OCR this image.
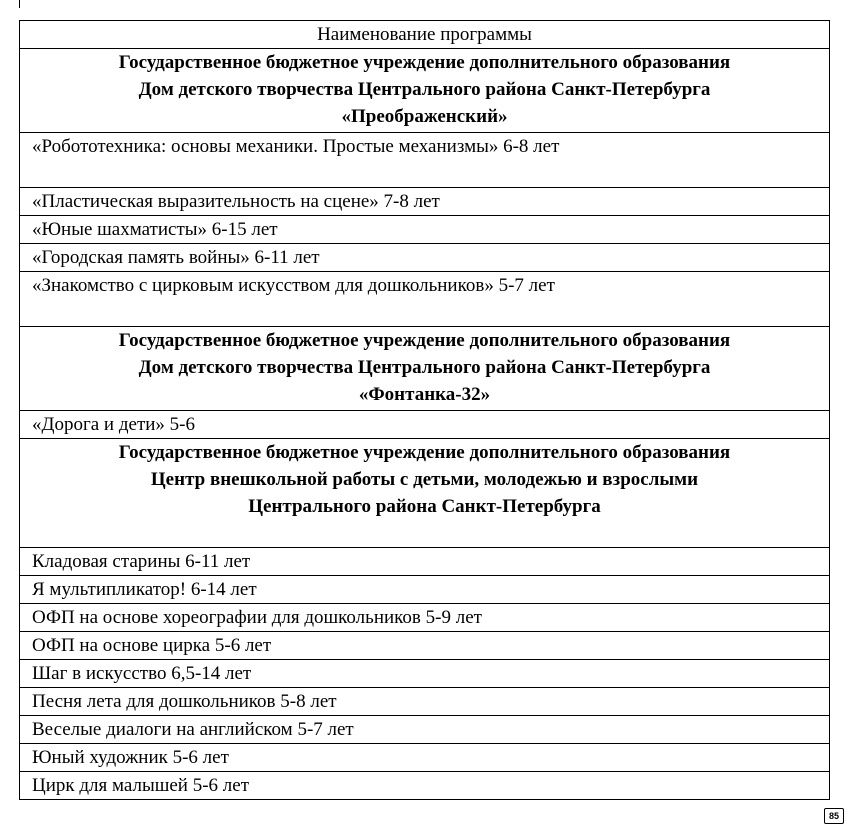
Наименование программы

Государственное бюджетное учреждение дополнительного образования
Дом детского творчества Центрального района Санкт-Петербурга
«Преображенский»

«Робототехника: основы механики. Простые механизмы» 6-8 лет
«Пластическая выразительность на сцене» 7-8 лет
«Юные шахматисты» 6-15 лет
«Городская память войны» 6-11 лет
«Знакомство с цирковым искусством для дошкольников» 5-7 лет

Государственное бюджетное учреждение дополнительного образования
Дом детского творчества Центрального района Санкт-Петербурга
«Фонтанка-32»

«Дорога и дети» 5-6

Государственное бюджетное учреждение дополнительного образования
Центр внешкольной работы с детьми, молодежью и взрослыми
Центрального района Санкт-Петербурга

Кладовая старины 6-11 лет
Я мультипликатор! 6-14 лет
ОФП на основе хореографии для дошкольников 5-9 лет
ОФП на основе цирка 5-6 лет
Шаг в искусство 6,5-14 лет
Песня лета для дошкольников 5-8 лет
Веселые диалоги на английском 5-7 лет
Юный художник 5-6 лет
Цирк для малышей 5-6 лет
85
